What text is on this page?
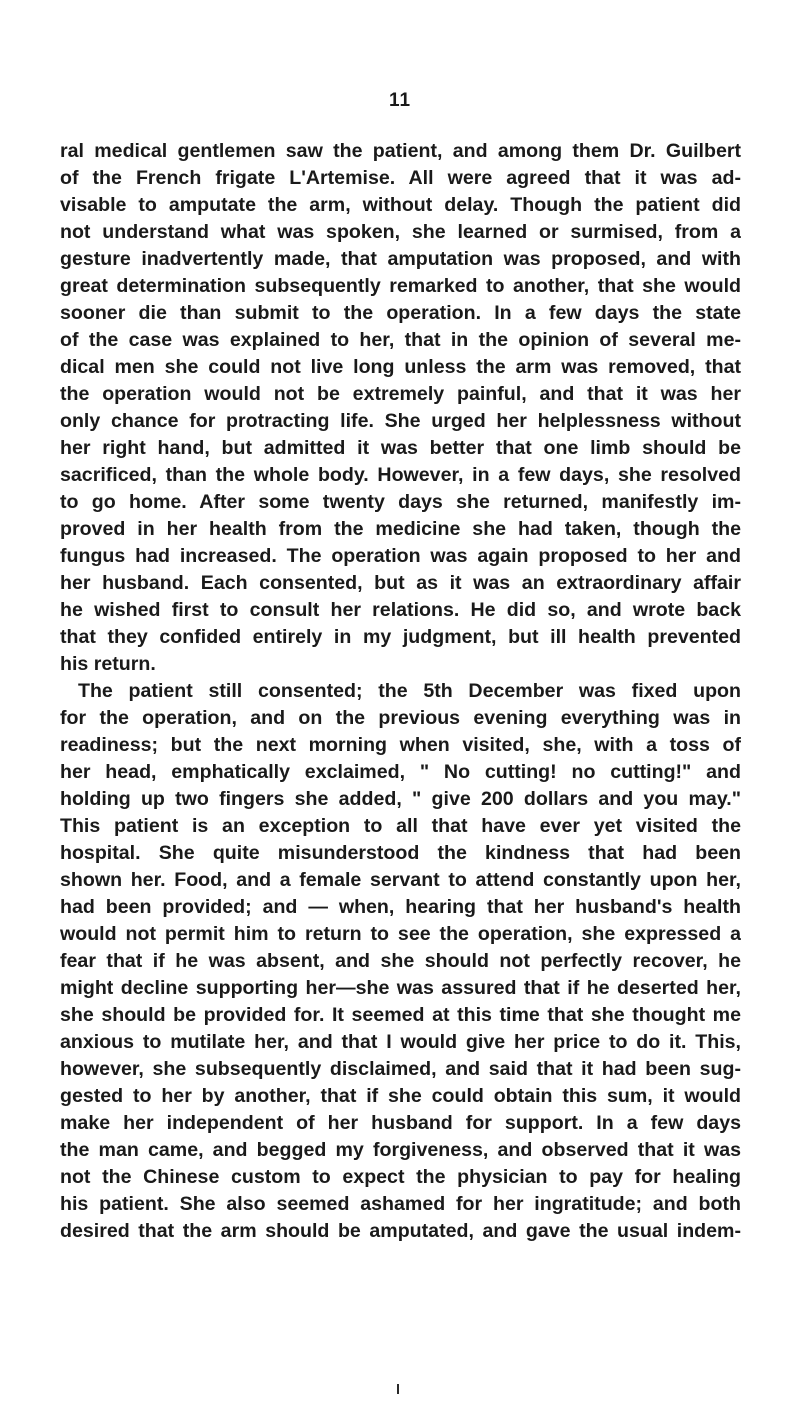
11
ral medical gentlemen saw the patient, and among them Dr. Guilbert
of the French frigate L'Artemise. All were agreed that it was ad-
visable to amputate the arm, without delay. Though the patient did
not understand what was spoken, she learned or surmised, from a
gesture inadvertently made, that amputation was proposed, and with
great determination subsequently remarked to another, that she would
sooner die than submit to the operation. In a few days the state
of the case was explained to her, that in the opinion of several me-
dical men she could not live long unless the arm was removed, that
the operation would not be extremely painful, and that it was her
only chance for protracting life. She urged her helplessness without
her right hand, but admitted it was better that one limb should be
sacrificed, than the whole body. However, in a few days, she resolved
to go home. After some twenty days she returned, manifestly im-
proved in her health from the medicine she had taken, though the
fungus had increased. The operation was again proposed to her and
her husband. Each consented, but as it was an extraordinary affair
he wished first to consult her relations. He did so, and wrote back
that they confided entirely in my judgment, but ill health prevented
his return.
The patient still consented; the 5th December was fixed upon
for the operation, and on the previous evening everything was in
readiness; but the next morning when visited, she, with a toss of
her head, emphatically exclaimed, " No cutting! no cutting!" and
holding up two fingers she added, " give 200 dollars and you may."
This patient is an exception to all that have ever yet visited the
hospital. She quite misunderstood the kindness that had been
shown her. Food, and a female servant to attend constantly upon her,
had been provided; and — when, hearing that her husband's health
would not permit him to return to see the operation, she expressed a
fear that if he was absent, and she should not perfectly recover, he
might decline supporting her—she was assured that if he deserted her,
she should be provided for. It seemed at this time that she thought me
anxious to mutilate her, and that I would give her price to do it. This,
however, she subsequently disclaimed, and said that it had been sug-
gested to her by another, that if she could obtain this sum, it would
make her independent of her husband for support. In a few days
the man came, and begged my forgiveness, and observed that it was
not the Chinese custom to expect the physician to pay for healing
his patient. She also seemed ashamed for her ingratitude; and both
desired that the arm should be amputated, and gave the usual indem-
